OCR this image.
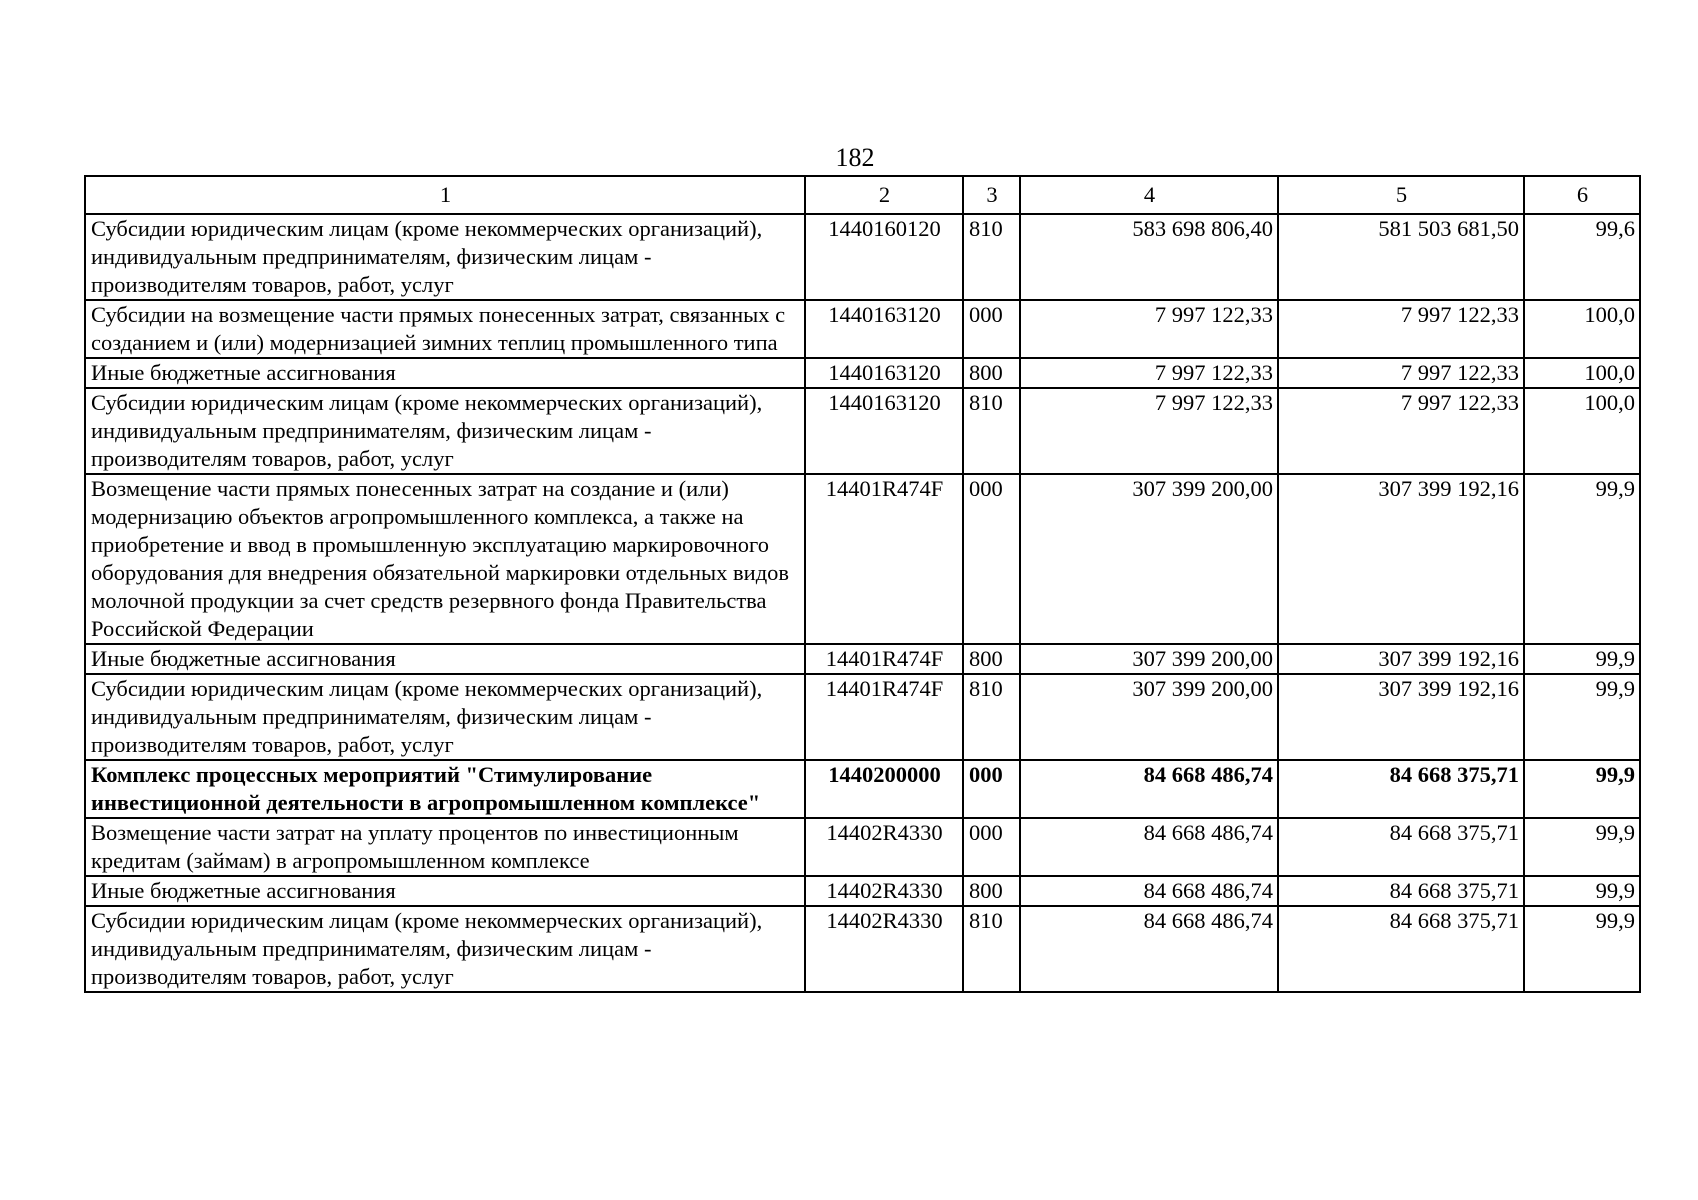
182
1	2	3	4	5	6
Субсидии юридическим лицам (кроме некоммерческих организаций), индивидуальным предпринимателям, физическим лицам - производителям товаров, работ, услуг	1440160120	810	583 698 806,40	581 503 681,50	99,6
Субсидии на возмещение части прямых понесенных затрат, связанных с созданием и (или) модернизацией зимних теплиц промышленного типа	1440163120	000	7 997 122,33	7 997 122,33	100,0
Иные бюджетные ассигнования	1440163120	800	7 997 122,33	7 997 122,33	100,0
Субсидии юридическим лицам (кроме некоммерческих организаций), индивидуальным предпринимателям, физическим лицам - производителям товаров, работ, услуг	1440163120	810	7 997 122,33	7 997 122,33	100,0
Возмещение части прямых понесенных затрат на создание и (или) модернизацию объектов агропромышленного комплекса, а также на приобретение и ввод в промышленную эксплуатацию маркировочного оборудования для внедрения обязательной маркировки отдельных видов молочной продукции за счет средств резервного фонда Правительства Российской Федерации	14401R474F	000	307 399 200,00	307 399 192,16	99,9
Иные бюджетные ассигнования	14401R474F	800	307 399 200,00	307 399 192,16	99,9
Субсидии юридическим лицам (кроме некоммерческих организаций), индивидуальным предпринимателям, физическим лицам - производителям товаров, работ, услуг	14401R474F	810	307 399 200,00	307 399 192,16	99,9
Комплекс процессных мероприятий "Стимулирование инвестиционной деятельности в агропромышленном комплексе"	1440200000	000	84 668 486,74	84 668 375,71	99,9
Возмещение части затрат на уплату процентов по инвестиционным кредитам (займам) в агропромышленном комплексе	14402R4330	000	84 668 486,74	84 668 375,71	99,9
Иные бюджетные ассигнования	14402R4330	800	84 668 486,74	84 668 375,71	99,9
Субсидии юридическим лицам (кроме некоммерческих организаций), индивидуальным предпринимателям, физическим лицам - производителям товаров, работ, услуг	14402R4330	810	84 668 486,74	84 668 375,71	99,9
